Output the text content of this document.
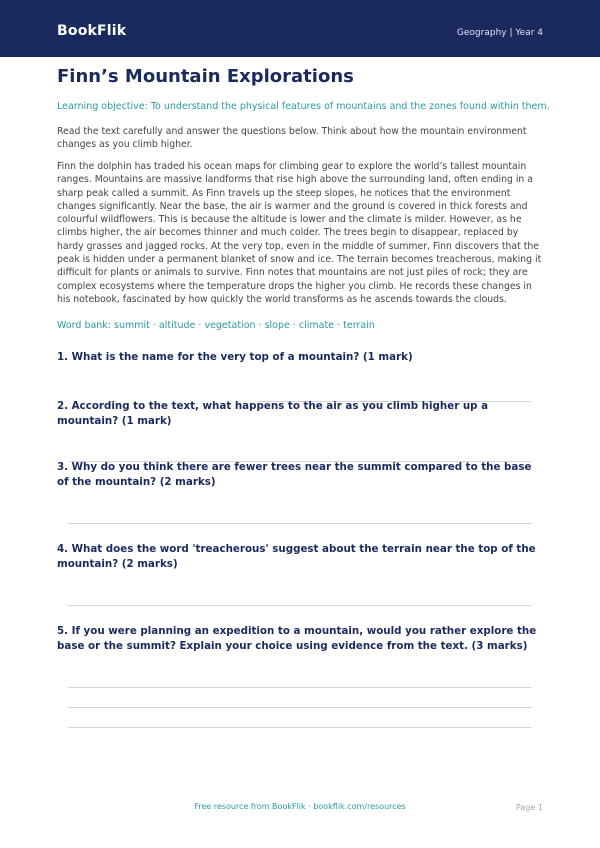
BookFlik	Geography | Year 4
Finn’s Mountain Explorations
Learning objective: To understand the physical features of mountains and the zones found within them.

Read the text carefully and answer the questions below. Think about how the mountain environment changes as you climb higher.

Finn the dolphin has traded his ocean maps for climbing gear to explore the world’s tallest mountain ranges. Mountains are massive landforms that rise high above the surrounding land, often ending in a sharp peak called a summit. As Finn travels up the steep slopes, he notices that the environment changes significantly. Near the base, the air is warmer and the ground is covered in thick forests and colourful wildflowers. This is because the altitude is lower and the climate is milder. However, as he climbs higher, the air becomes thinner and much colder. The trees begin to disappear, replaced by hardy grasses and jagged rocks. At the very top, even in the middle of summer, Finn discovers that the peak is hidden under a permanent blanket of snow and ice. The terrain becomes treacherous, making it difficult for plants or animals to survive. Finn notes that mountains are not just piles of rock; they are complex ecosystems where the temperature drops the higher you climb. He records these changes in his notebook, fascinated by how quickly the world transforms as he ascends towards the clouds.

Word bank: summit · altitude · vegetation · slope · climate · terrain
1. What is the name for the very top of a mountain? (1 mark)
2. According to the text, what happens to the air as you climb higher up a mountain? (1 mark)
3. Why do you think there are fewer trees near the summit compared to the base of the mountain? (2 marks)
4. What does the word 'treacherous' suggest about the terrain near the top of the mountain? (2 marks)
5. If you were planning an expedition to a mountain, would you rather explore the base or the summit? Explain your choice using evidence from the text. (3 marks)
Free resource from BookFlik · bookflik.com/resources	Page 1
